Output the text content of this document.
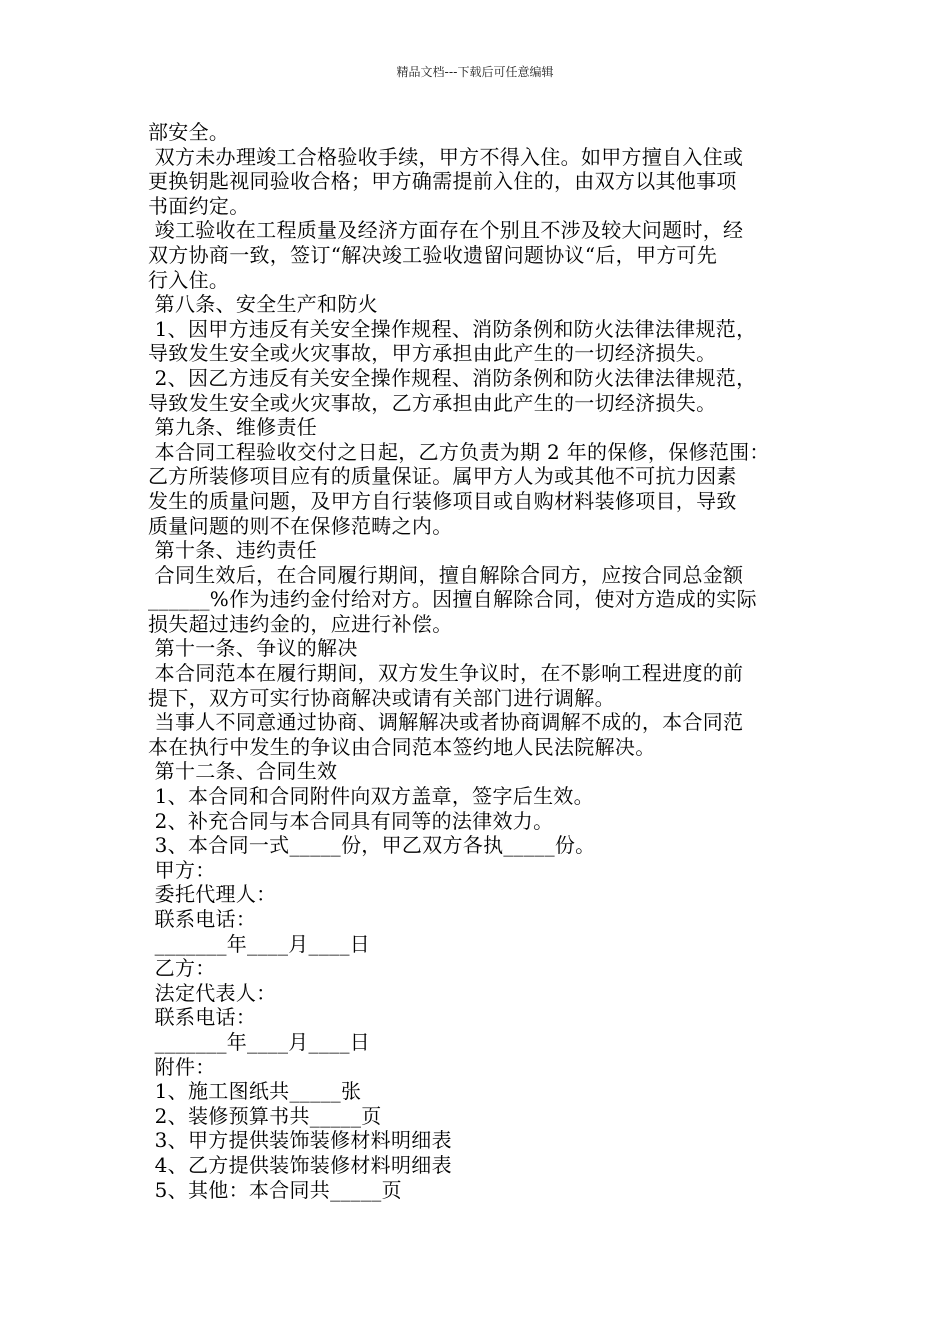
精品文档---下载后可任意编辑
部安全。
双方未办理竣工合格验收手续，甲方不得入住。如甲方擅自入住或
更换钥匙视同验收合格；甲方确需提前入住的，由双方以其他事项
书面约定。
竣工验收在工程质量及经济方面存在个别且不涉及较大问题时，经
双方协商一致，签订“解决竣工验收遗留问题协议“后，甲方可先
行入住。
第八条、安全生产和防火
1、因甲方违反有关安全操作规程、消防条例和防火法律法律规范，
导致发生安全或火灾事故，甲方承担由此产生的一切经济损失。
2、因乙方违反有关安全操作规程、消防条例和防火法律法律规范，
导致发生安全或火灾事故，乙方承担由此产生的一切经济损失。
第九条、维修责任
本合同工程验收交付之日起，乙方负责为期 2 年的保修，保修范围：
乙方所装修项目应有的质量保证。属甲方人为或其他不可抗力因素
发生的质量问题，及甲方自行装修项目或自购材料装修项目，导致
质量问题的则不在保修范畴之内。
第十条、违约责任
合同生效后，在合同履行期间，擅自解除合同方，应按合同总金额
______%作为违约金付给对方。因擅自解除合同，使对方造成的实际
损失超过违约金的，应进行补偿。
第十一条、争议的解决
本合同范本在履行期间，双方发生争议时，在不影响工程进度的前
提下，双方可实行协商解决或请有关部门进行调解。
当事人不同意通过协商、调解解决或者协商调解不成的，本合同范
本在执行中发生的争议由合同范本签约地人民法院解决。
第十二条、合同生效
1、本合同和合同附件向双方盖章，签字后生效。
2、补充合同与本合同具有同等的法律效力。
3、本合同一式_____份，甲乙双方各执_____份。
甲方：
委托代理人：
联系电话：
_______年____月____日
乙方：
法定代表人：
联系电话：
_______年____月____日
附件：
1、施工图纸共_____张
2、装修预算书共_____页
3、甲方提供装饰装修材料明细表
4、乙方提供装饰装修材料明细表
5、其他：本合同共_____页
